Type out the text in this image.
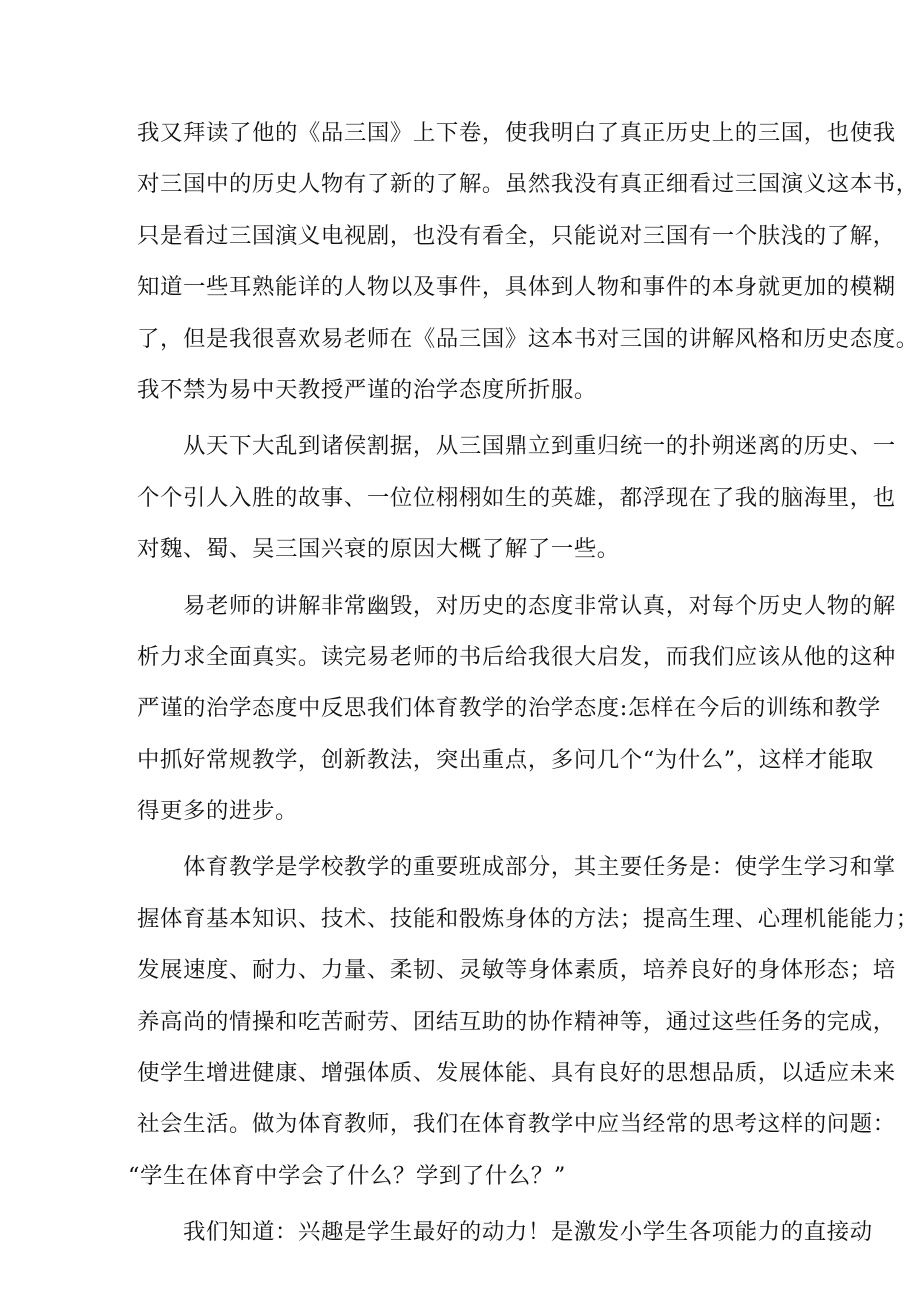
我又拜读了他的《品三国》上下卷，使我明白了真正历史上的三国，也使我
对三国中的历史人物有了新的了解。虽然我没有真正细看过三国演义这本书，
只是看过三国演义电视剧，也没有看全，只能说对三国有一个肤浅的了解，
知道一些耳熟能详的人物以及事件，具体到人物和事件的本身就更加的模糊
了，但是我很喜欢易老师在《品三国》这本书对三国的讲解风格和历史态度。
我不禁为易中天教授严谨的治学态度所折服。
从天下大乱到诸侯割据，从三国鼎立到重归统一的扑朔迷离的历史、一
个个引人入胜的故事、一位位栩栩如生的英雄，都浮现在了我的脑海里，也
对魏、蜀、吴三国兴衰的原因大概了解了一些。
易老师的讲解非常幽毁，对历史的态度非常认真，对每个历史人物的解
析力求全面真实。读完易老师的书后给我很大启发，而我们应该从他的这种
严谨的治学态度中反思我们体育教学的治学态度:怎样在今后的训练和教学
中抓好常规教学，创新教法，突出重点，多问几个“为什么”，这样才能取
得更多的进步。
体育教学是学校教学的重要班成部分，其主要任务是：使学生学习和掌
握体育基本知识、技术、技能和骰炼身体的方法；提高生理、心理机能能力；
发展速度、耐力、力量、柔韧、灵敏等身体素质，培养良好的身体形态；培
养高尚的情操和吃苦耐劳、团结互助的协作精神等，通过这些任务的完成，
使学生增进健康、增强体质、发展体能、具有良好的思想品质，以适应未来
社会生活。做为体育教师，我们在体育教学中应当经常的思考这样的问题：
“学生在体育中学会了什么？学到了什么？”
我们知道：兴趣是学生最好的动力！是激发小学生各项能力的直接动
